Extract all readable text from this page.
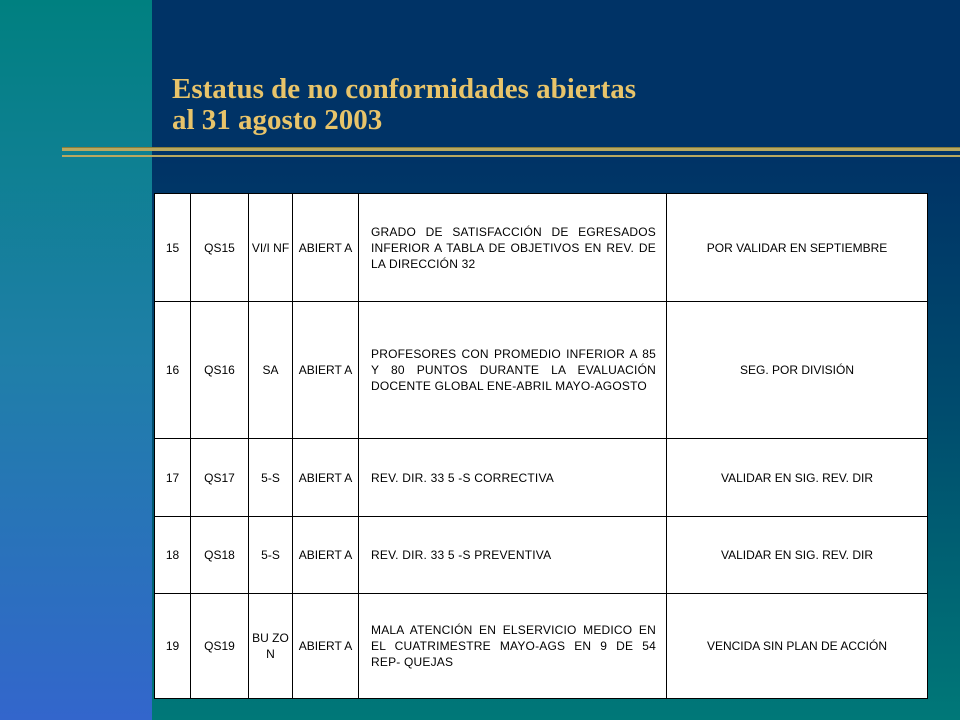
Estatus de no conformidades abiertas
al 31 agosto 2003
15	QS15	VI/I NF	ABIERT A	GRADO DE SATISFACCIÓN DE EGRESADOS INFERIOR A TABLA DE OBJETIVOS EN REV. DE LA DIRECCIÓN 32	POR VALIDAR EN SEPTIEMBRE
16	QS16	SA	ABIERT A	PROFESORES CON PROMEDIO INFERIOR A 85 Y 80 PUNTOS DURANTE LA EVALUACIÓN DOCENTE GLOBAL ENE-ABRIL MAYO-AGOSTO	SEG. POR DIVISIÓN
17	QS17	5-S	ABIERT A	REV. DIR. 33 5 -S CORRECTIVA	VALIDAR EN SIG. REV. DIR
18	QS18	5-S	ABIERT A	REV. DIR. 33 5 -S PREVENTIVA	VALIDAR EN SIG. REV. DIR
19	QS19	BU ZO N	ABIERT A	MALA ATENCIÓN EN ELSERVICIO MEDICO EN EL CUATRIMESTRE MAYO-AGS EN 9 DE 54 REP- QUEJAS	VENCIDA SIN PLAN DE ACCIÓN
